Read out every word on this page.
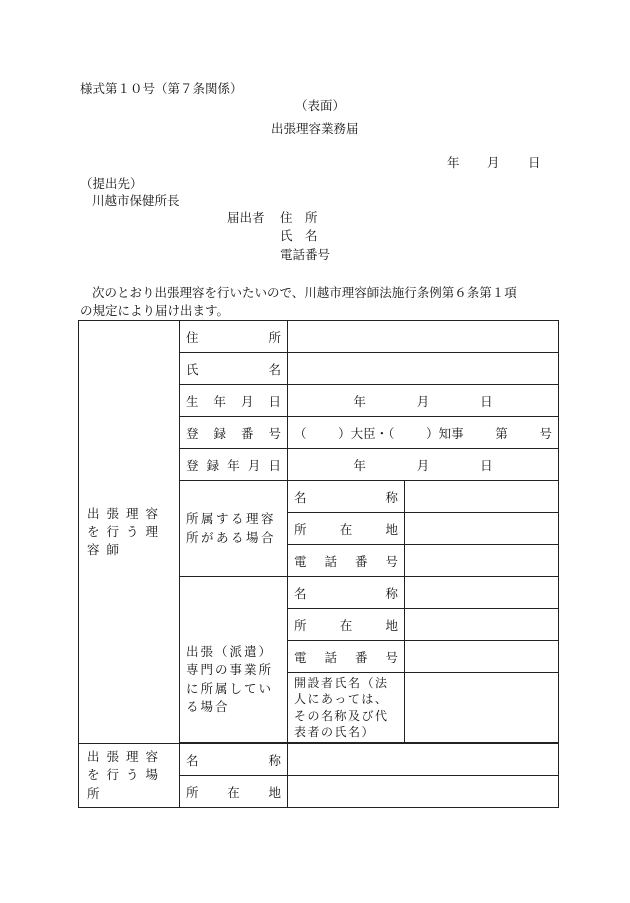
様式第１０号（第７条関係）
（表面）
出張理容業務届
年 月 日
（提出先）
川越市保健所長
届出者 住　所
氏　名
電話番号
次のとおり出張理容を行いたいので、川越市理容師法施行条例第６条第１項
の規定により届け出ます。
出張理容を行う理容師	住 所		

	氏 名		

	生 年 月 日	年 月 日	

	登 録 番 号	（ ）大臣・（ ）知事 第 号	

	登 録 年 月 日	年 月 日	

	所属する理容所がある場合	名 称	

		所 在 地	

		電 話 番 号	

	出張（派遣）専門の事業所に所属している場合	名 称	

		所 在 地	

		電 話 番 号	

		開設者氏名（法人にあっては、その名称及び代表者の氏名）	

出張理容を行う場所	名 称		

	所 在 地		
